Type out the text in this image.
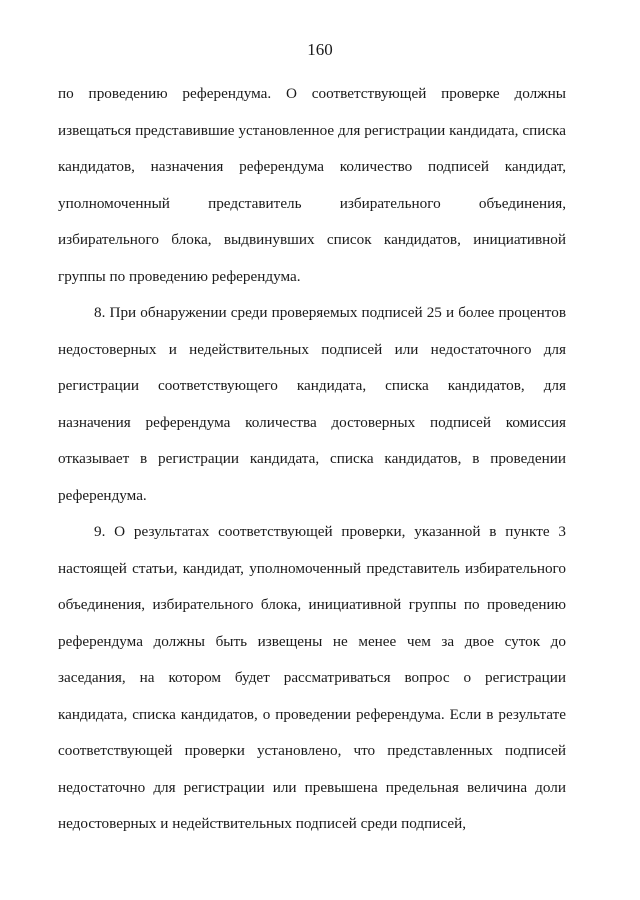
160

по проведению референдума. О соответствующей проверке должны извещаться представившие установленное для регистрации кандидата, списка кандидатов, назначения референдума количество подписей кандидат, уполномоченный представитель избирательного объединения, избирательного блока, выдвинувших список кандидатов, инициативной группы по проведению референдума.

8. При обнаружении среди проверяемых подписей 25 и более процентов недостоверных и недействительных подписей или недостаточного для регистрации соответствующего кандидата, списка кандидатов, для назначения референдума количества достоверных подписей комиссия отказывает в регистрации кандидата, списка кандидатов, в проведении референдума.

9. О результатах соответствующей проверки, указанной в пункте 3 настоящей статьи, кандидат, уполномоченный представитель избирательного объединения, избирательного блока, инициативной группы по проведению референдума должны быть извещены не менее чем за двое суток до заседания, на котором будет рассматриваться вопрос о регистрации кандидата, списка кандидатов, о проведении референдума. Если в результате соответствующей проверки установлено, что представленных подписей недостаточно для регистрации или превышена предельная величина доли недостоверных и недействительных подписей среди подписей,
